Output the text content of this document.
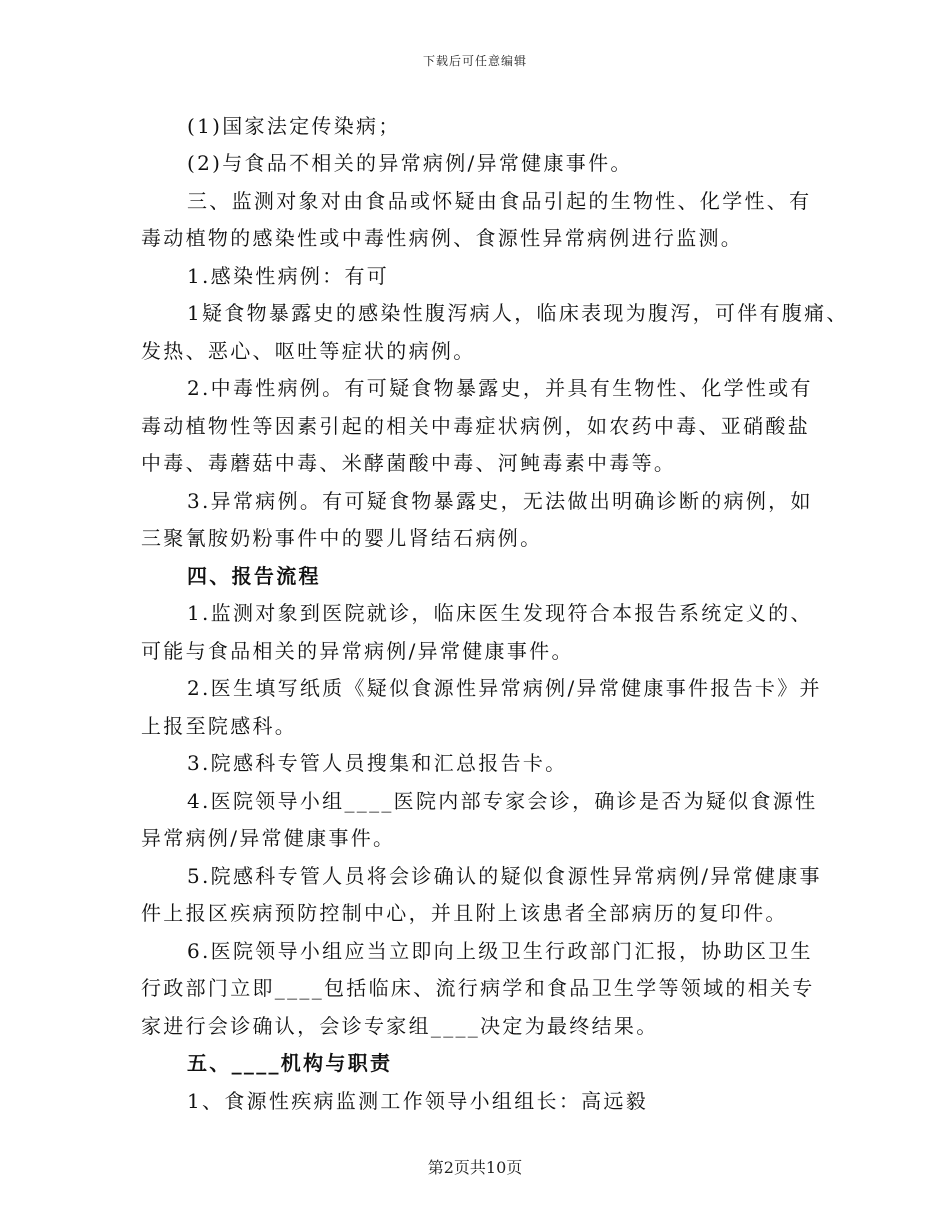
下载后可任意编辑
(1)国家法定传染病；
(2)与食品不相关的异常病例/异常健康事件。
三、监测对象对由食品或怀疑由食品引起的生物性、化学性、有
毒动植物的感染性或中毒性病例、食源性异常病例进行监测。
1.感染性病例：有可
1疑食物暴露史的感染性腹泻病人，临床表现为腹泻，可伴有腹痛、
发热、恶心、呕吐等症状的病例。
2.中毒性病例。有可疑食物暴露史，并具有生物性、化学性或有
毒动植物性等因素引起的相关中毒症状病例，如农药中毒、亚硝酸盐
中毒、毒蘑菇中毒、米酵菌酸中毒、河鲀毒素中毒等。
3.异常病例。有可疑食物暴露史，无法做出明确诊断的病例，如
三聚氰胺奶粉事件中的婴儿肾结石病例。
四、报告流程
1.监测对象到医院就诊，临床医生发现符合本报告系统定义的、
可能与食品相关的异常病例/异常健康事件。
2.医生填写纸质《疑似食源性异常病例/异常健康事件报告卡》并
上报至院感科。
3.院感科专管人员搜集和汇总报告卡。
4.医院领导小组____医院内部专家会诊，确诊是否为疑似食源性
异常病例/异常健康事件。
5.院感科专管人员将会诊确认的疑似食源性异常病例/异常健康事
件上报区疾病预防控制中心，并且附上该患者全部病历的复印件。
6.医院领导小组应当立即向上级卫生行政部门汇报，协助区卫生
行政部门立即____包括临床、流行病学和食品卫生学等领域的相关专
家进行会诊确认，会诊专家组____决定为最终结果。
五、____机构与职责
1、食源性疾病监测工作领导小组组长：高远毅
第2页共10页
